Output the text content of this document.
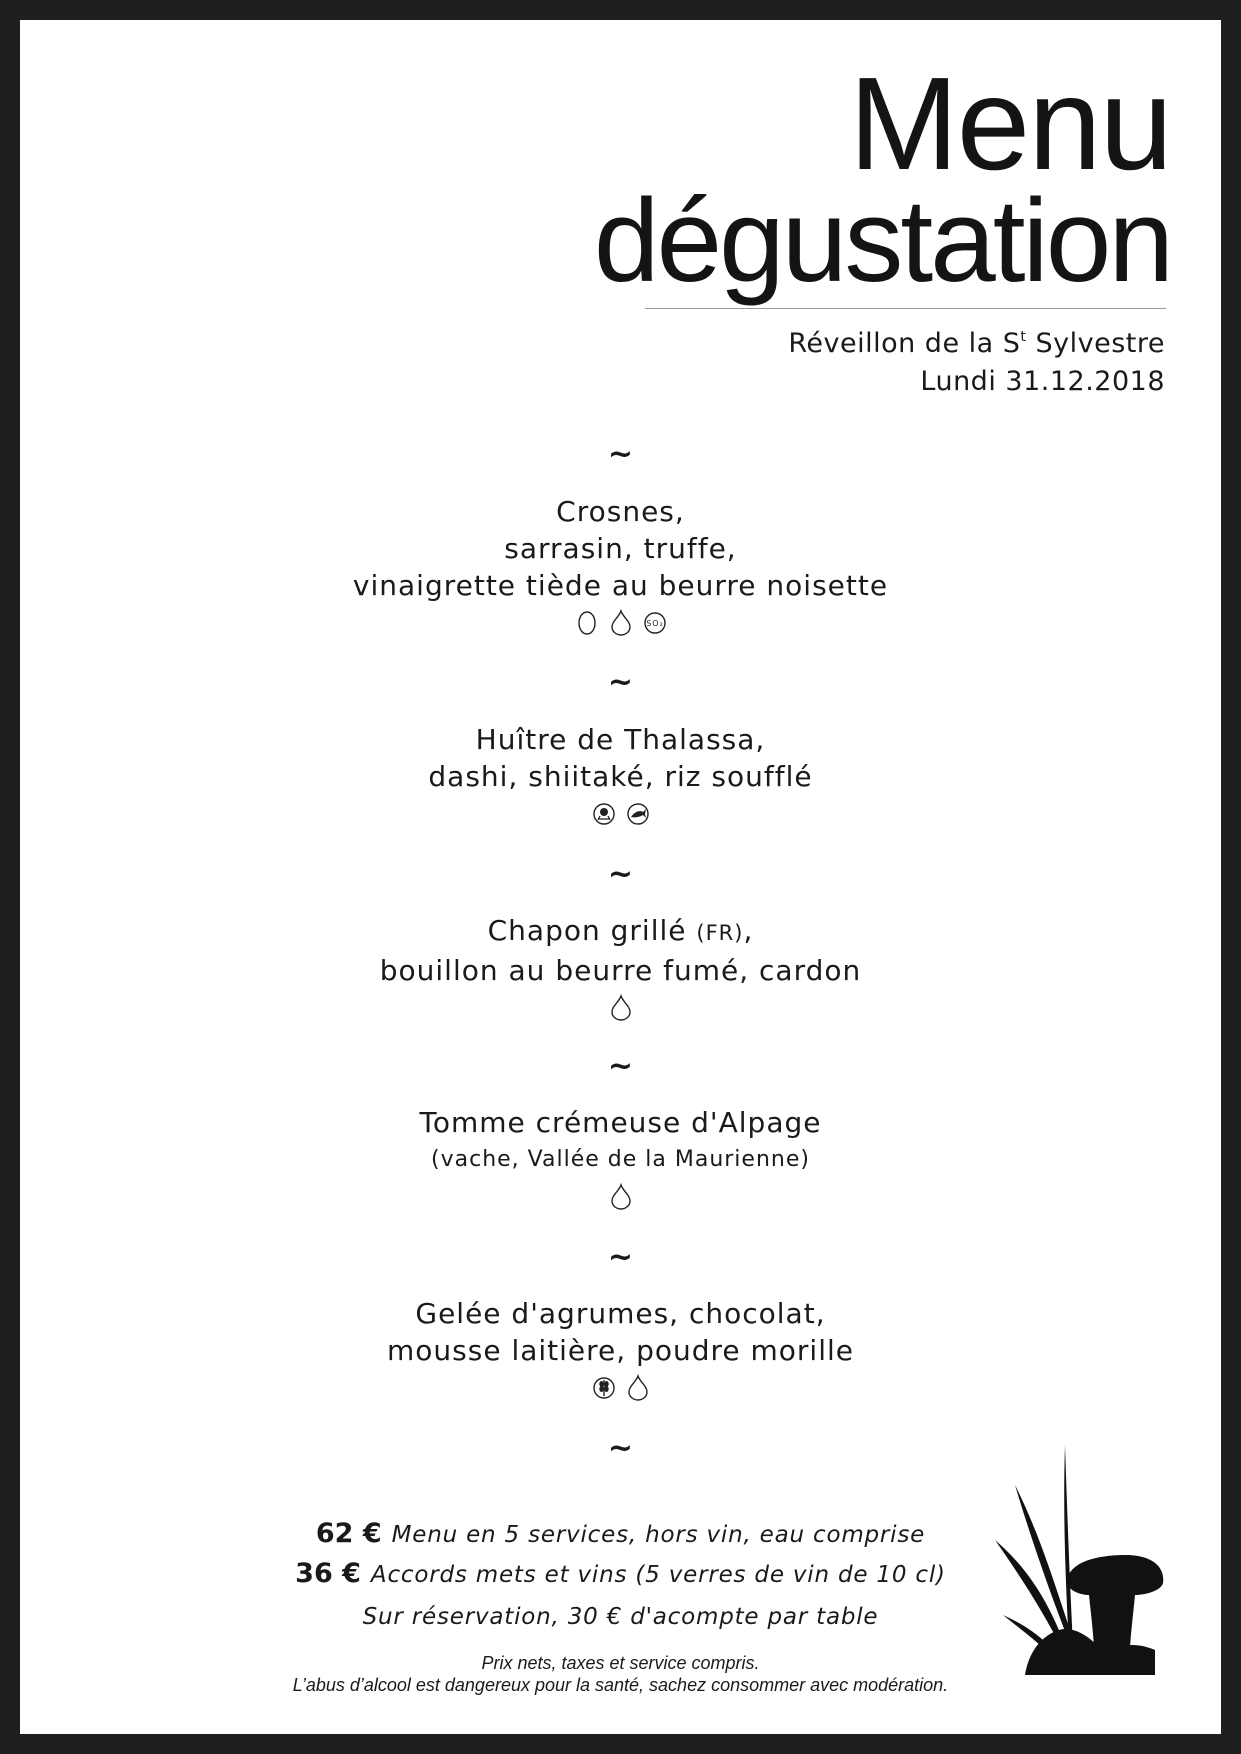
Menu
dégustation
Réveillon de la $S^t$ Sylvestre
Lundi 31.12.2018
~
~
~
~
~
~
Crosnes,
sarrasin, truffe,
vinaigrette tiède au beurre noisette
SO₂
Huître de Thalassa,
dashi, shiitaké, riz soufflé
Chapon grillé (FR),
bouillon au beurre fumé, cardon
Tomme crémeuse d'Alpage
(vache, Vallée de la Maurienne)
Gelée d'agrumes, chocolat,
mousse laitière, poudre morille
62 € Menu en 5 services, hors vin, eau comprise
36 € Accords mets et vins (5 verres de vin de 10 cl)
Sur réservation, 30 € d'acompte par table
Prix nets, taxes et service compris.
L’abus d’alcool est dangereux pour la santé, sachez consommer avec modération.
